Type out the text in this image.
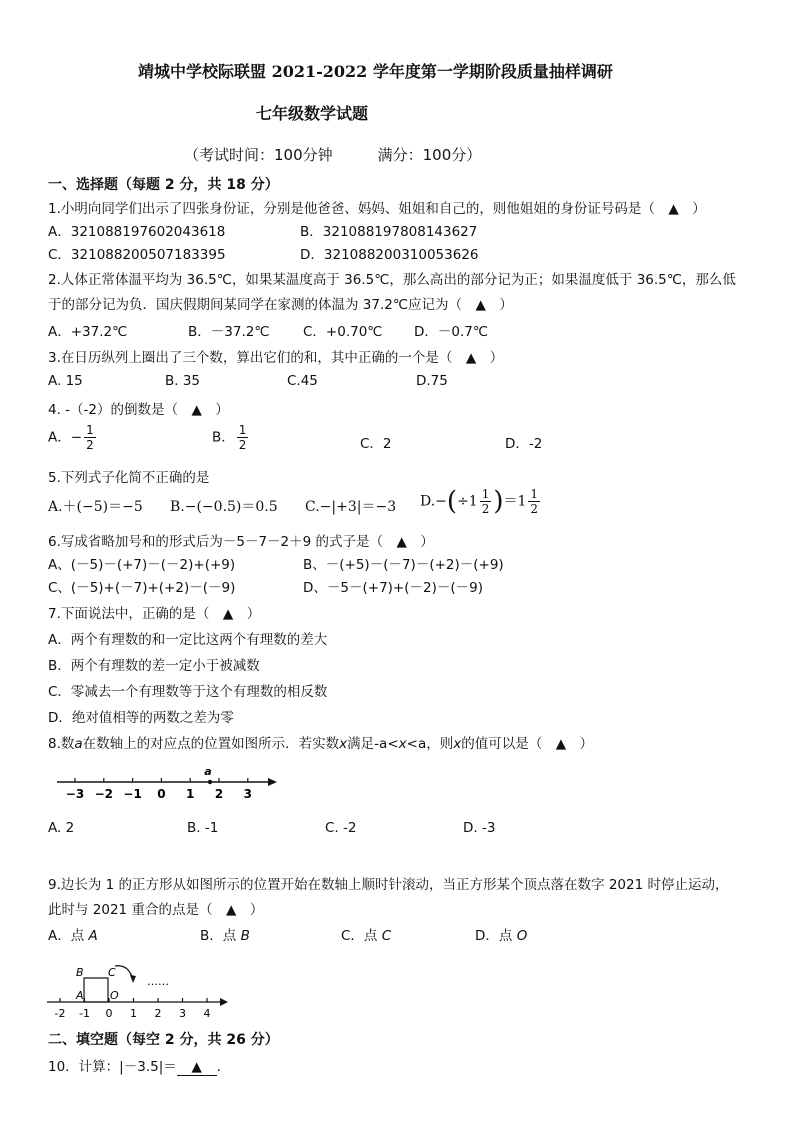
靖城中学校际联盟 2021-2022 学年度第一学期阶段质量抽样调研
七年级数学试题
（考试时间：100分钟　　　满分：100分）
一、选择题（每题 2 分，共 18 分）
1.小明向同学们出示了四张身份证，分别是他爸爸、妈妈、姐姐和自己的，则他姐姐的身份证号码是（　▲　）
A．321088197602043618	B．321088197808143627
C．321088200507183395	D．321088200310053626
2.人体正常体温平均为 36.5℃，如果某温度高于 36.5℃，那么高出的部分记为正；如果温度低于 36.5℃，那么低
于的部分记为负．国庆假期间某同学在家测的体温为 37.2℃应记为（　▲　）
A．+37.2℃	B．－37.2℃ C．+0.70℃ D．－0.7℃
3.在日历纵列上圈出了三个数，算出它们的和，其中正确的一个是（　▲　）
A. 15	B. 35	C.45	D.75
4. -（-2）的倒数是（　▲　）
A．− $\frac{1}{2}$	B． $\frac{1}{2}$	C．2	D．-2
5.下列式子化简不正确的是
A.＋(−5)＝−5 B.−(−0.5)＝0.5 C.−|+3|＝−3 $D.-(\div 1 \frac{1}{2} )=1 \frac{1}{2}$
6.写成省略加号和的形式后为－5－7－2＋9 的式子是（　▲　）
A、(－5)－(+7)－(－2)+(+9)	B、－(+5)－(－7)－(+2)－(+9)
C、(－5)+(－7)+(+2)－(－9)	D、－5－(+7)+(－2)－(－9)
7.下面说法中，正确的是（　▲　）
A．两个有理数的和一定比这两个有理数的差大
B．两个有理数的差一定小于被减数
C．零减去一个有理数等于这个有理数的相反数
D．绝对值相等的两数之差为零
8.数a在数轴上的对应点的位置如图所示．若实数x满足-a<x<a，则x的值可以是（　▲　）
−3 −2 −1 0 1 2 3
a
A. 2	B. -1	C. -2	D. -3
9.边长为 1 的正方形从如图所示的位置开始在数轴上顺时针滚动，当正方形某个顶点落在数字 2021 时停止运动，
此时与 2021 重合的点是（　▲　）
A．点 A	B．点 B	C．点 C	D．点 O
-2 -1 0 1 2 3 4
A
B C
O
……
二、填空题（每空 2 分，共 26 分）
10．计算：|－3.5|＝ ▲ ．
